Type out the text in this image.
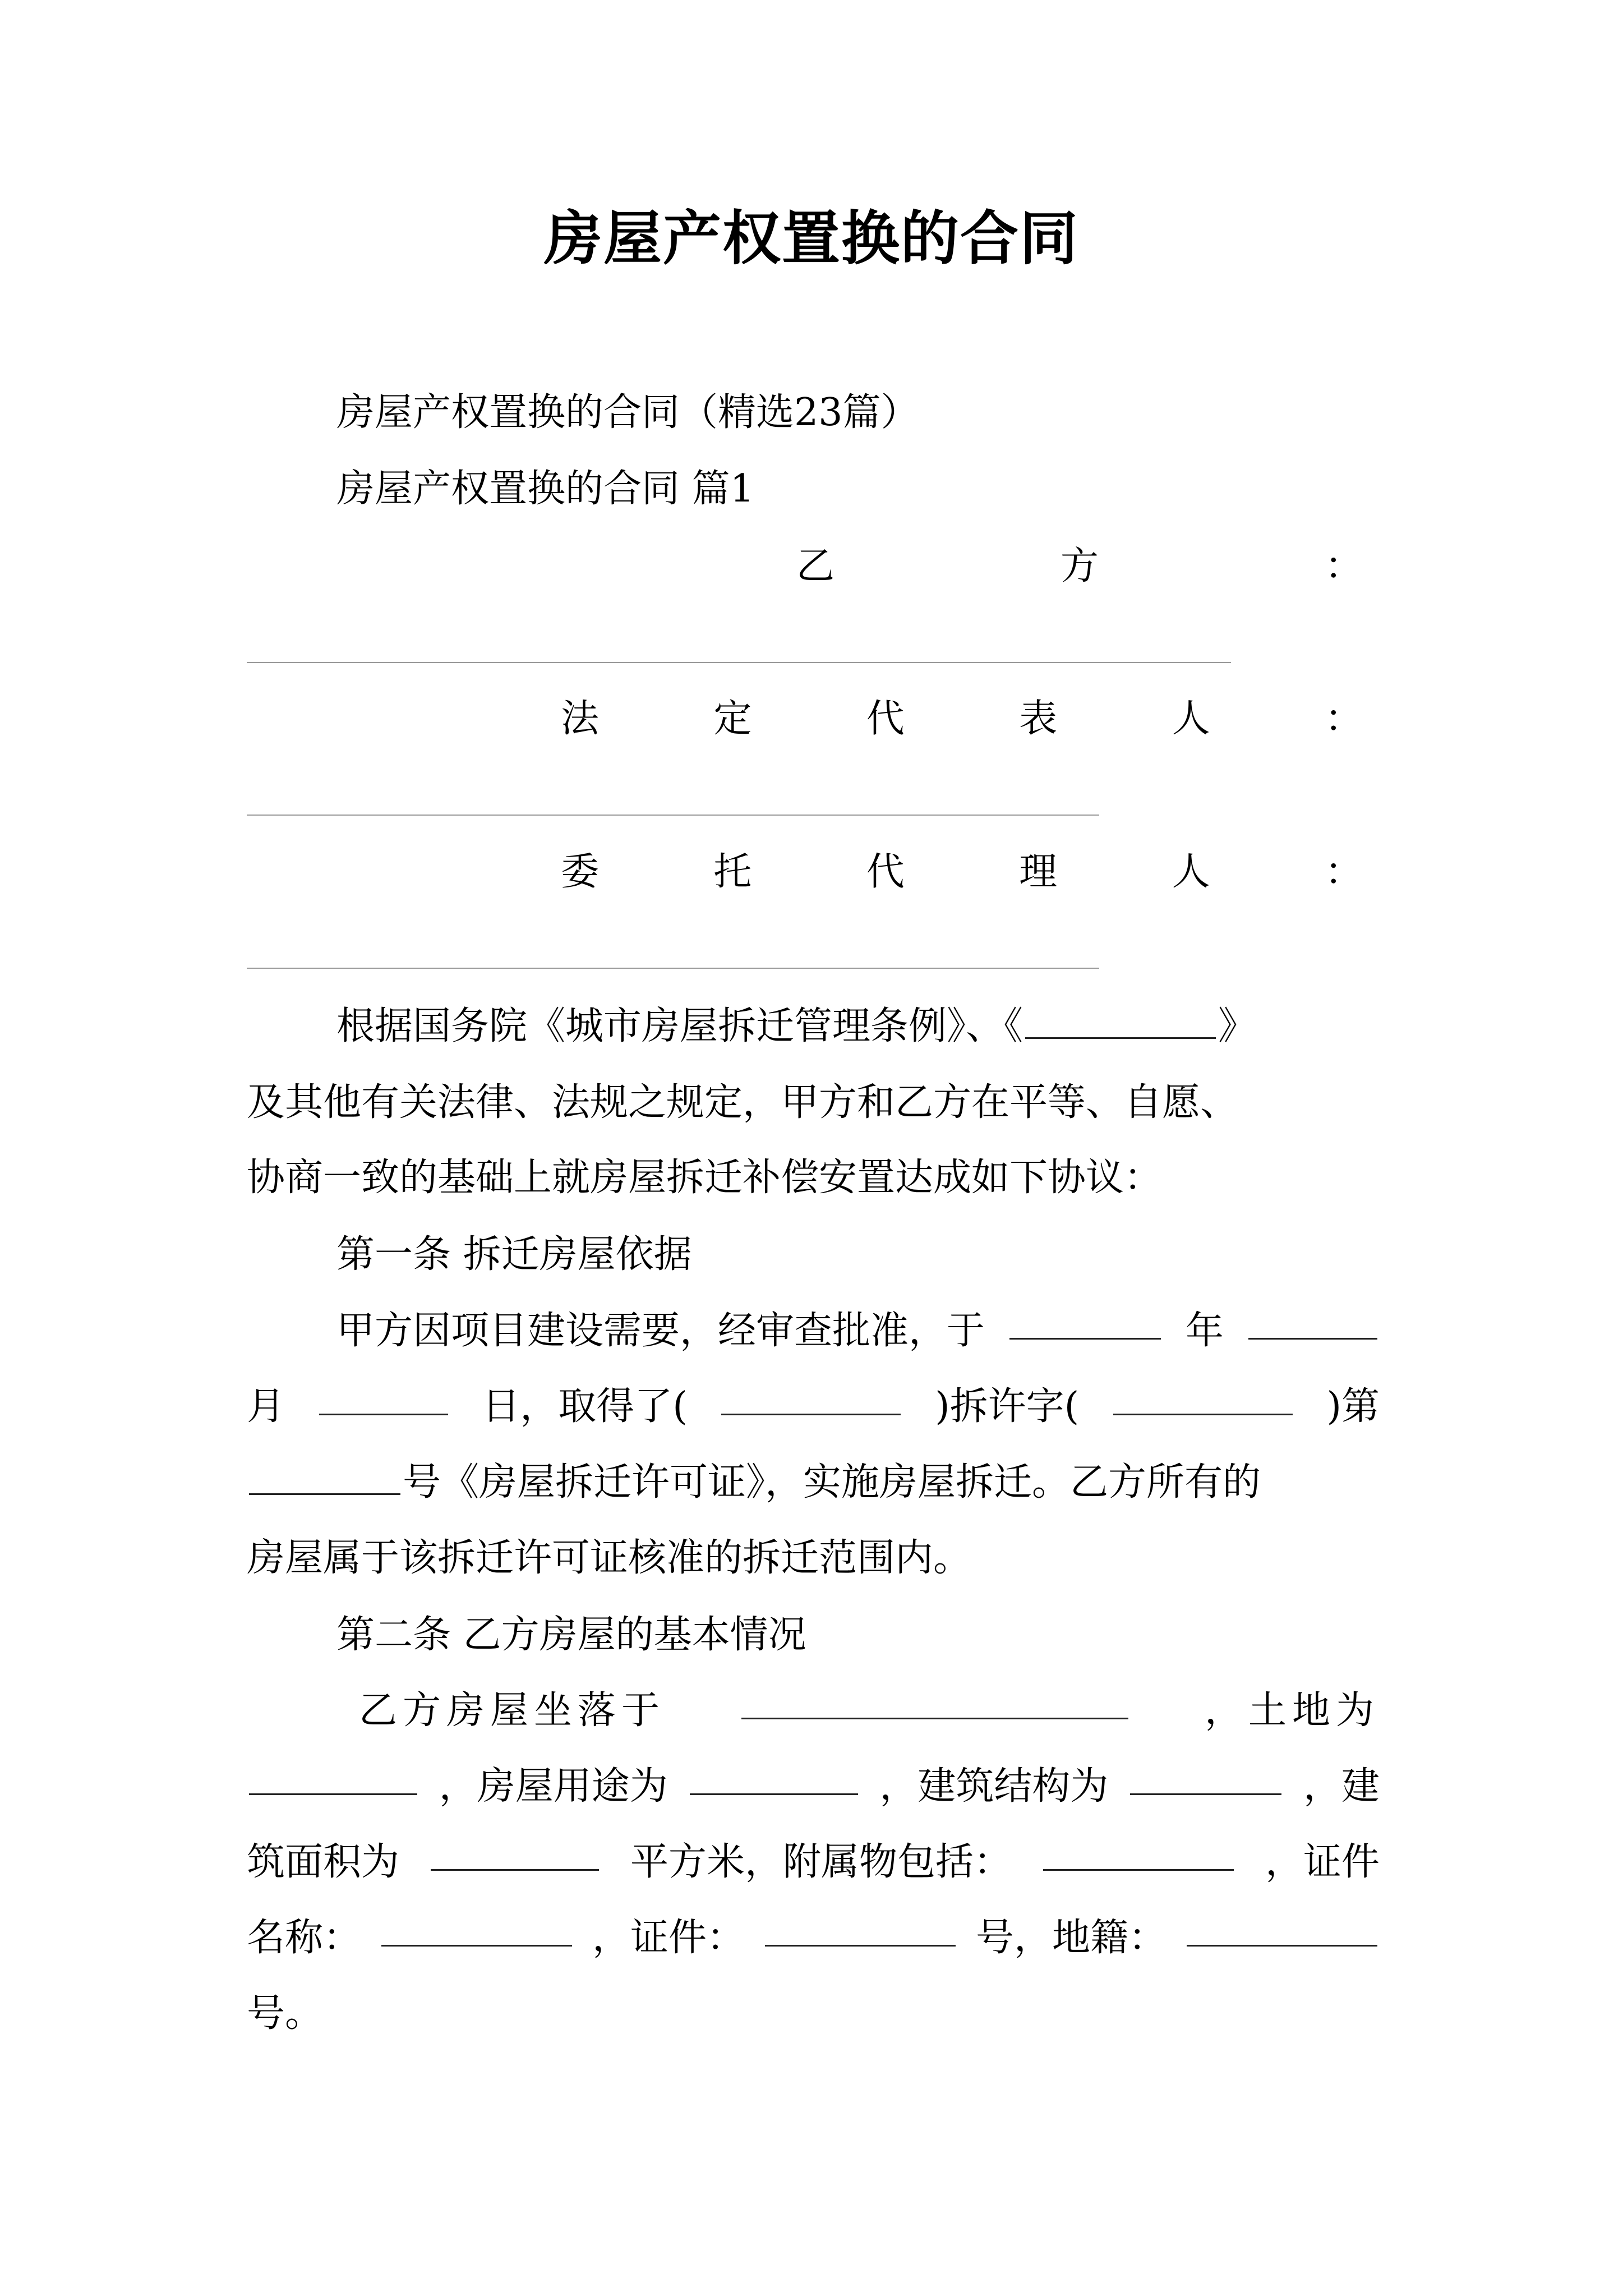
房屋产权置换的合同
房屋产权置换的合同（精选23篇）
房屋产权置换的合同 篇1
乙	方	：
法	定	代	表	人	：
委	托	代	理	人	：
根据国务院《城市房屋拆迁管理条例》、《	》
及其他有关法律、法规之规定，甲方和乙方在平等、自愿、
协商一致的基础上就房屋拆迁补偿安置达成如下协议：
第一条 拆迁房屋依据
甲方因项目建设需要，经审查批准，于	年
月	日，取得了(	)拆许字(	)第
号《房屋拆迁许可证》，实施房屋拆迁。乙方所有的
房屋属于该拆迁许可证核准的拆迁范围内。
第二条 乙方房屋的基本情况
乙方房屋坐落于	，土地为
，房屋用途为	，建筑结构为	，建
筑面积为	平方米，附属物包括：	，证件
名称：	，证件：	号，地籍：
号。
